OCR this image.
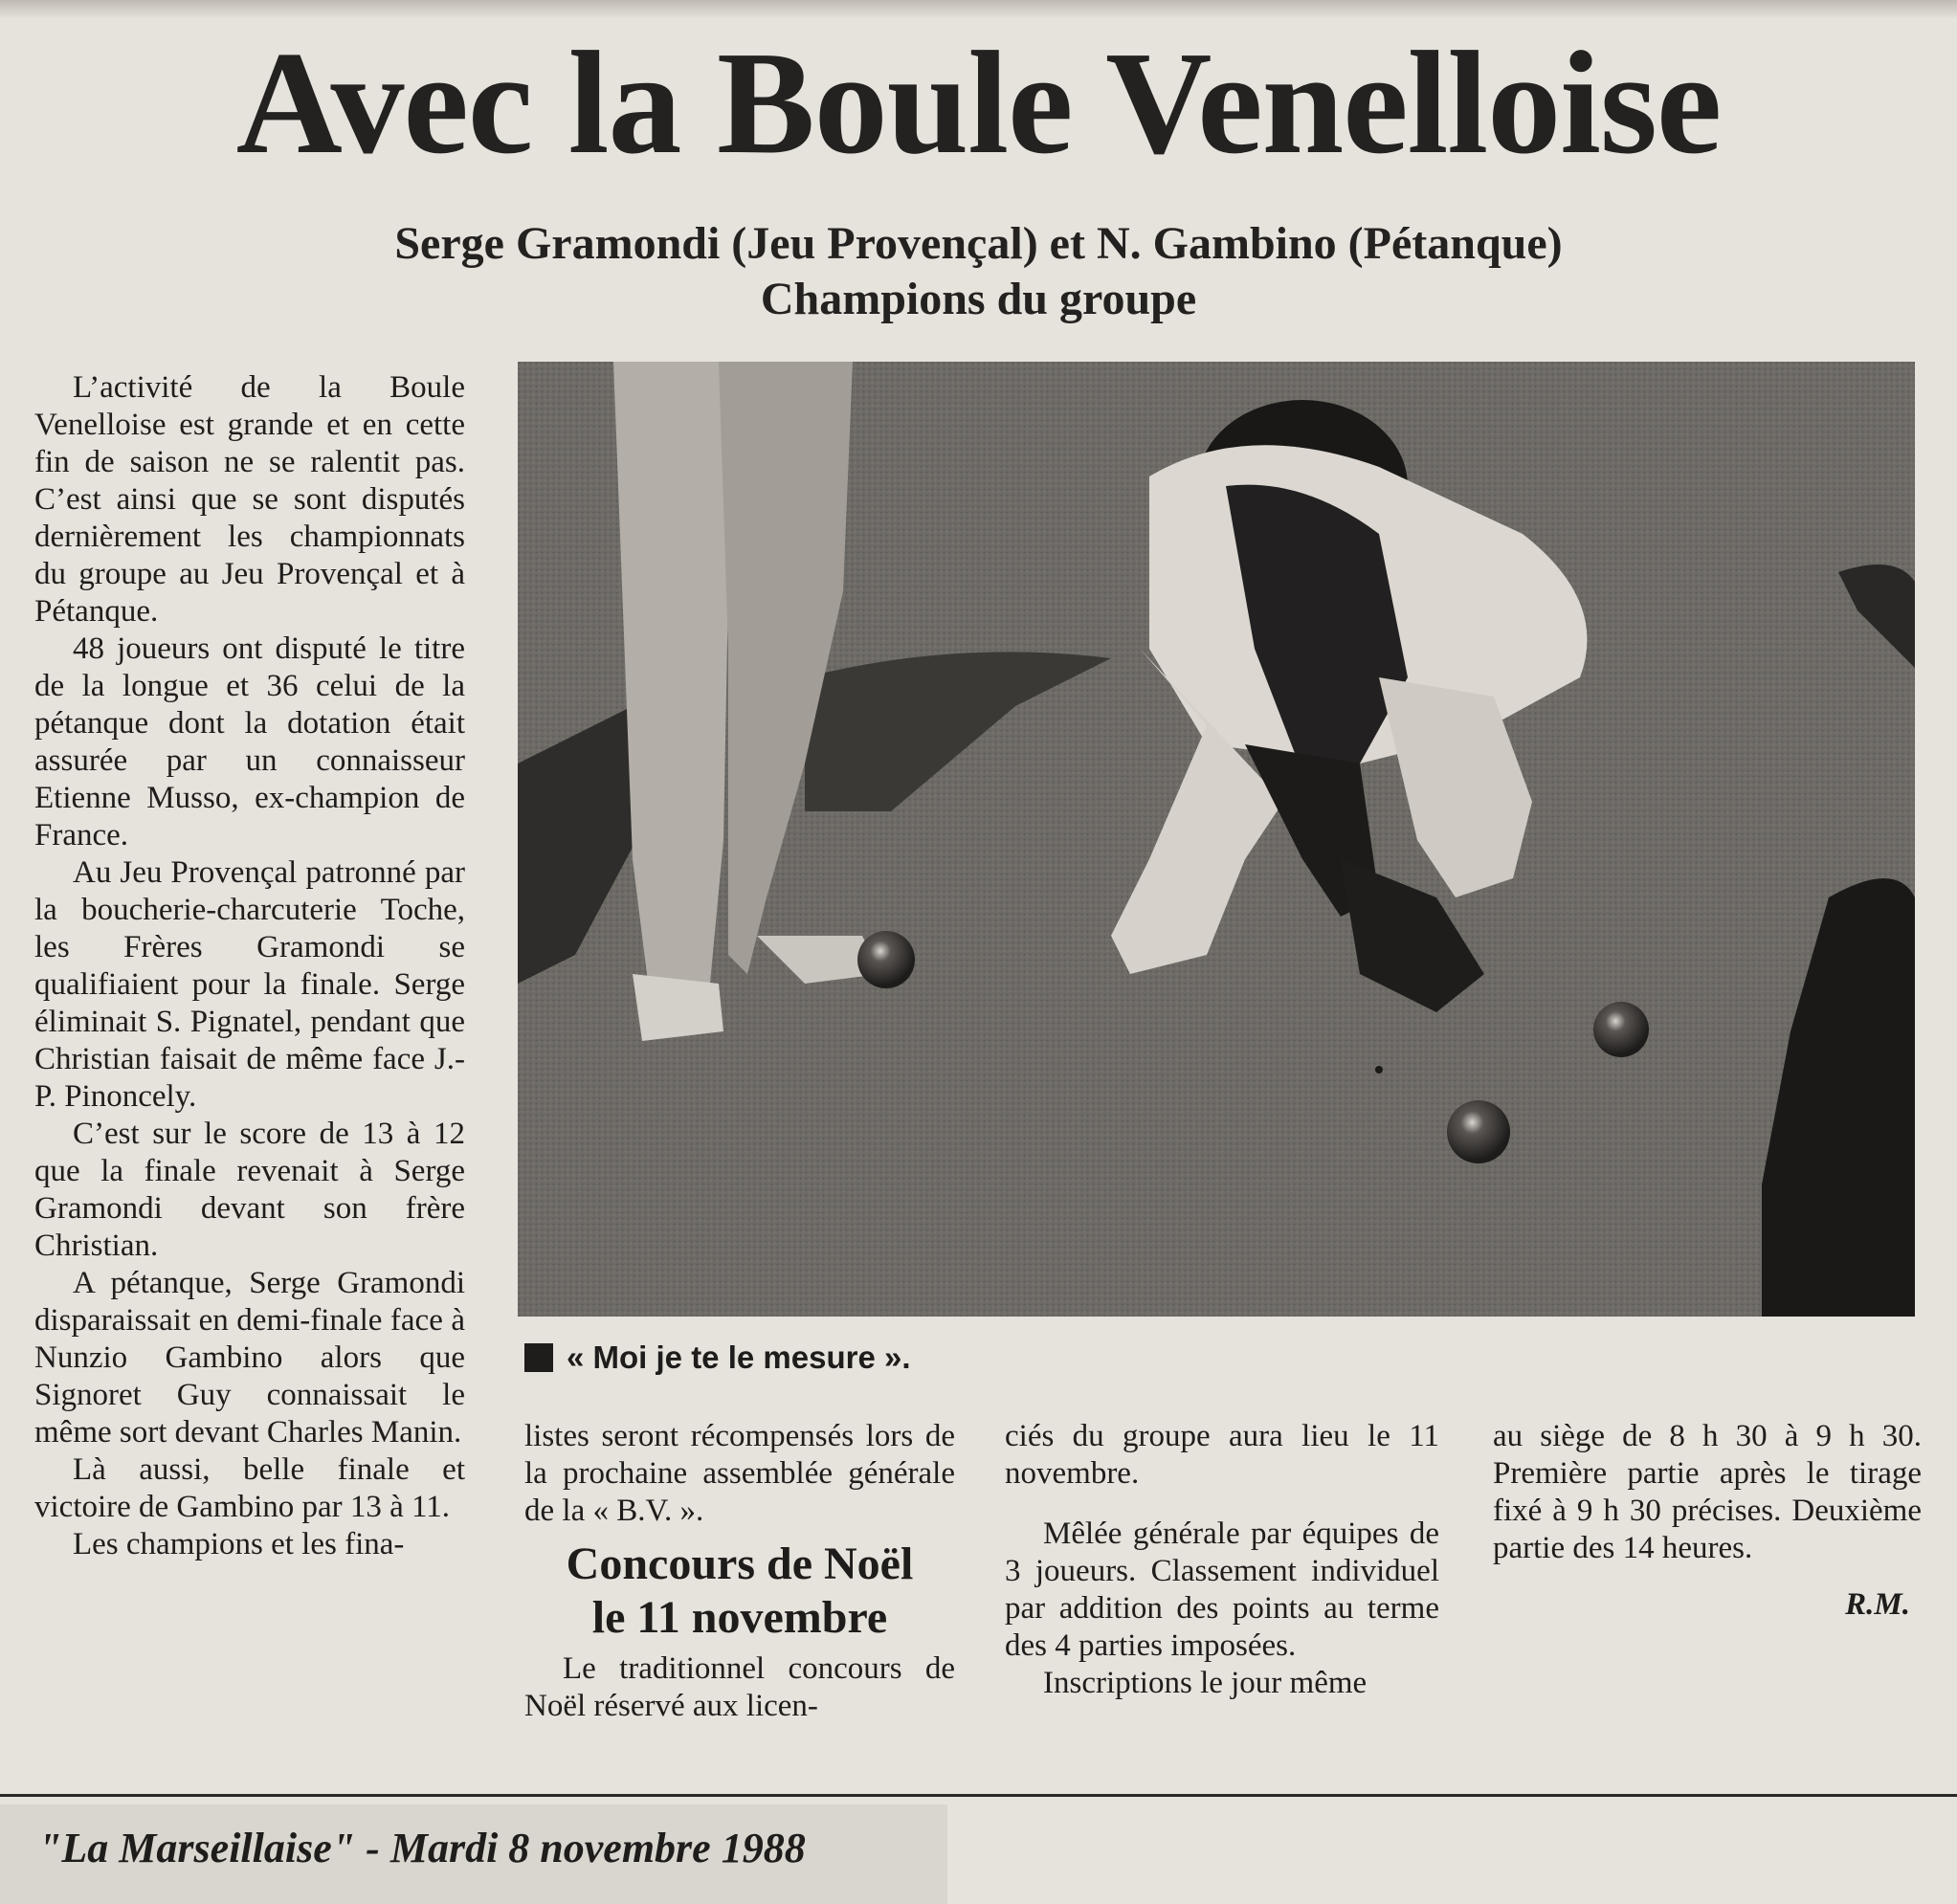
Avec la Boule Venelloise
Serge Gramondi (Jeu Provençal) et N. Gambino (Pétanque)
Champions du groupe

L’activité de la Boule Venelloise est grande et en cette fin de saison ne se ralentit pas. C’est ainsi que se sont disputés dernièrement les championnats du groupe au Jeu Provençal et à Pétanque.

48 joueurs ont disputé le titre de la longue et 36 celui de la pétanque dont la dotation était assurée par un connaisseur Etienne Musso, ex-champion de France.

Au Jeu Provençal patronné par la boucherie-charcuterie Toche, les Frères Gramondi se qualifiaient pour la finale. Serge éliminait S. Pignatel, pendant que Christian faisait de même face J.-P. Pinoncely.

C’est sur le score de 13 à 12 que la finale revenait à Serge Gramondi devant son frère Christian.

A pétanque, Serge Gramondi disparaissait en demi-finale face à Nunzio Gambino alors que Signoret Guy connaissait le même sort devant Charles Manin.

Là aussi, belle finale et victoire de Gambino par 13 à 11.

Les champions et les fina-

« Moi je te le mesure ».

listes seront récompensés lors de la prochaine assemblée générale de la « B.V. ».

Concours de Noël
le 11 novembre

Le traditionnel concours de Noël réservé aux licen-

ciés du groupe aura lieu le 11 novembre.

Mêlée générale par équipes de 3 joueurs. Classement individuel par addition des points au terme des 4 parties imposées.

Inscriptions le jour même

au siège de 8 h 30 à 9 h 30. Première partie après le tirage fixé à 9 h 30 précises. Deuxième partie des 14 heures.

R.M.
"La Marseillaise" - Mardi 8 novembre 1988
